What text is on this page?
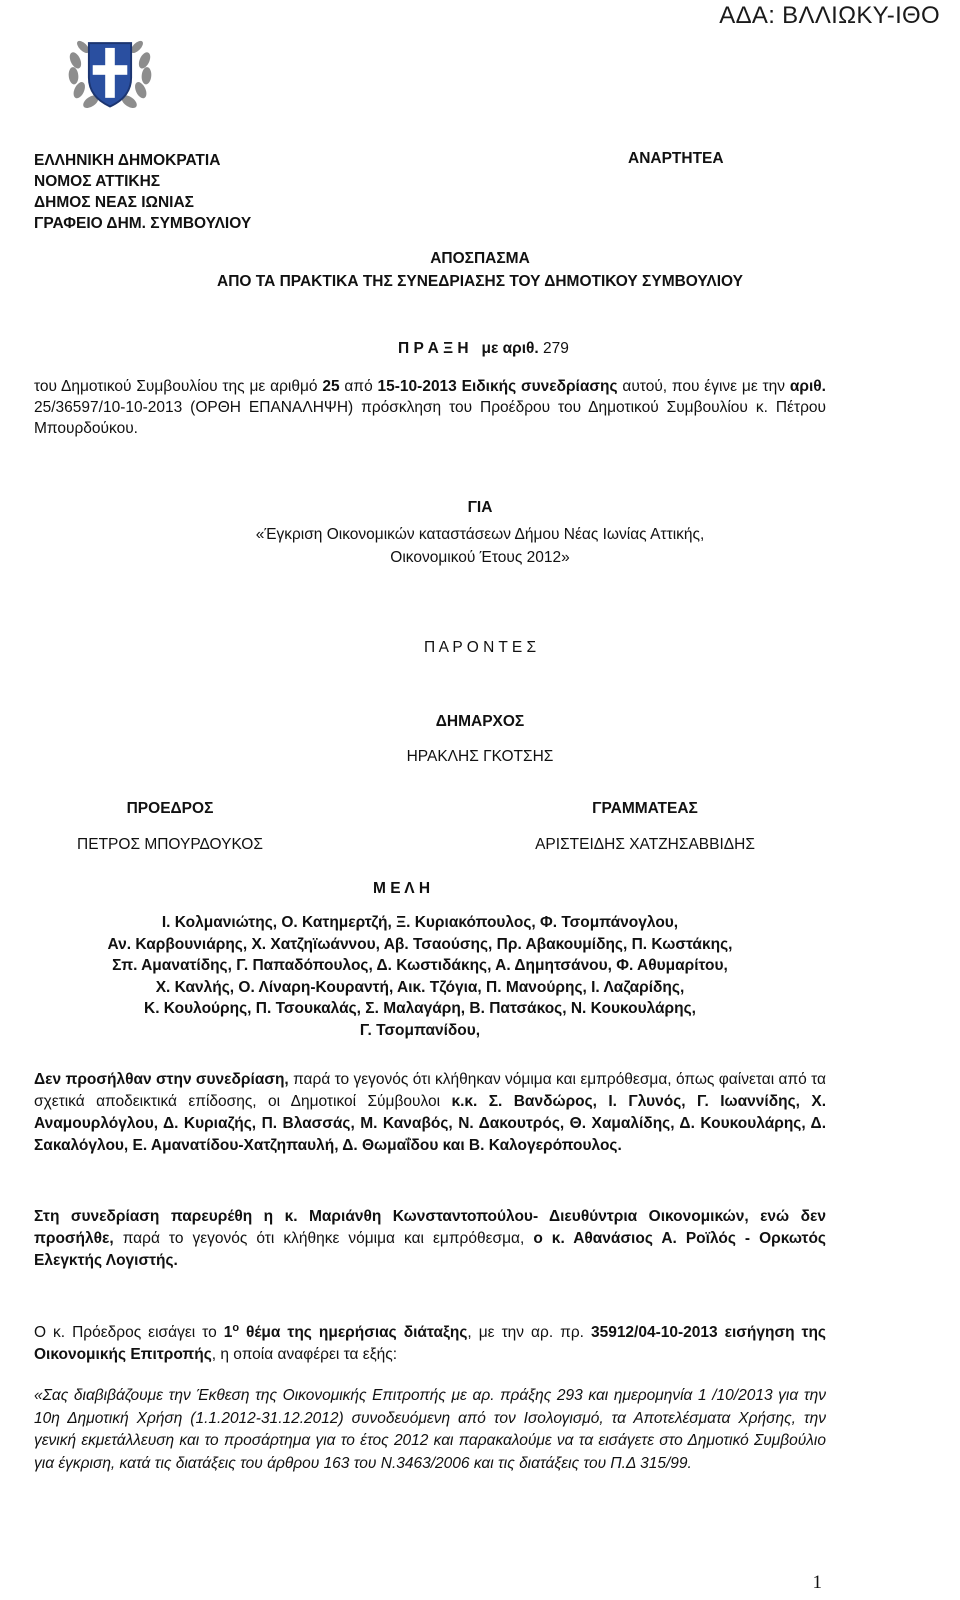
ΑΔΑ: ΒΛΛΙΩΚΥ-ΙΘΟ
ΕΛΛΗΝΙΚΗ ΔΗΜΟΚΡΑΤΙΑ
ΝΟΜΟΣ ΑΤΤΙΚΗΣ
ΔΗΜΟΣ ΝΕΑΣ ΙΩΝΙΑΣ
ΓΡΑΦΕΙΟ ΔΗΜ. ΣΥΜΒΟΥΛΙΟΥ
ΑΝΑΡΤΗΤΕΑ
ΑΠΟΣΠΑΣΜΑ
ΑΠΟ ΤΑ ΠΡΑΚΤΙΚΑ ΤΗΣ ΣΥΝΕΔΡΙΑΣΗΣ ΤΟΥ ΔΗΜΟΤΙΚΟΥ ΣΥΜΒΟΥΛΙΟΥ
Π Ρ Α Ξ Η   με αριθ. 279
του Δημοτικού Συμβουλίου της με αριθμό 25 από 15-10-2013 Ειδικής συνεδρίασης αυτού, που έγινε με την αριθ. 25/36597/10-10-2013 (ΟΡΘΗ ΕΠΑΝΑΛΗΨΗ) πρόσκληση του Προέδρου του Δημοτικού Συμβουλίου κ. Πέτρου Μπουρδούκου.
ΓΙΑ
«Έγκριση Οικονομικών καταστάσεων Δήμου Νέας Ιωνίας Αττικής,
Οικονομικού Έτους 2012»
Π Α Ρ Ο Ν Τ Ε Σ
ΔΗΜΑΡΧΟΣ
ΗΡΑΚΛΗΣ ΓΚΟΤΣΗΣ
ΠΡΟΕΔΡΟΣ
ΠΕΤΡΟΣ ΜΠΟΥΡΔΟΥΚΟΣ
ΓΡΑΜΜΑΤΕΑΣ
ΑΡΙΣΤΕΙΔΗΣ ΧΑΤΖΗΣΑΒΒΙΔΗΣ
Μ Ε Λ Η
Ι. Κολμανιώτης, Ο. Κατημερτζή, Ξ. Κυριακόπουλος, Φ. Τσομπάνογλου,
Αν. Καρβουνιάρης, Χ. Χατζηϊωάννου, Αβ. Τσαούσης, Πρ. Αβακουμίδης, Π. Κωστάκης,
Σπ. Αμανατίδης, Γ. Παπαδόπουλος, Δ. Κωστιδάκης, Α. Δημητσάνου, Φ. Αθυμαρίτου,
Χ. Κανλής, Ο. Λίναρη-Κουραντή, Αικ. Τζόγια, Π. Μανούρης, Ι. Λαζαρίδης,
Κ. Κουλούρης, Π. Τσουκαλάς, Σ. Μαλαγάρη, Β. Πατσάκος, Ν. Κουκουλάρης,
Γ. Τσομπανίδου,
Δεν προσήλθαν στην συνεδρίαση, παρά το γεγονός ότι κλήθηκαν νόμιμα και εμπρόθεσμα, όπως φαίνεται από τα σχετικά αποδεικτικά επίδοσης, οι Δημοτικοί Σύμβουλοι κ.κ. Σ. Βανδώρος, Ι. Γλυνός, Γ. Ιωαννίδης, Χ. Αναμουρλόγλου, Δ. Κυριαζής, Π. Βλασσάς, Μ. Καναβός, Ν. Δακουτρός, Θ. Χαμαλίδης, Δ. Κουκουλάρης, Δ. Σακαλόγλου, Ε. Αμανατίδου-Χατζηπαυλή, Δ. Θωμαΐδου και Β. Καλογερόπουλος.
Στη συνεδρίαση παρευρέθη η κ. Μαριάνθη Κωνσταντοπούλου- Διευθύντρια Οικονομικών, ενώ δεν προσήλθε, παρά το γεγονός ότι κλήθηκε νόμιμα και εμπρόθεσμα, ο κ. Αθανάσιος Α. Ροϊλός - Ορκωτός Ελεγκτής Λογιστής.
Ο κ. Πρόεδρος εισάγει το $1^o$ θέμα της ημερήσιας διάταξης, με την αρ. πρ. 35912/04-10-2013 εισήγηση της Οικονομικής Επιτροπής, η οποία αναφέρει τα εξής:
«Σας διαβιβάζουμε την Έκθεση της Οικονομικής Επιτροπής με αρ. πράξης 293 και ημερομηνία 1 /10/2013 για την 10η Δημοτική Χρήση (1.1.2012-31.12.2012) συνοδευόμενη από τον Ισολογισμό, τα Αποτελέσματα Χρήσης, την γενική εκμετάλλευση και το προσάρτημα για το έτος 2012 και παρακαλούμε να τα εισάγετε στο Δημοτικό Συμβούλιο για έγκριση, κατά τις διατάξεις του άρθρου 163 του Ν.3463/2006 και τις διατάξεις του Π.Δ 315/99.
1
